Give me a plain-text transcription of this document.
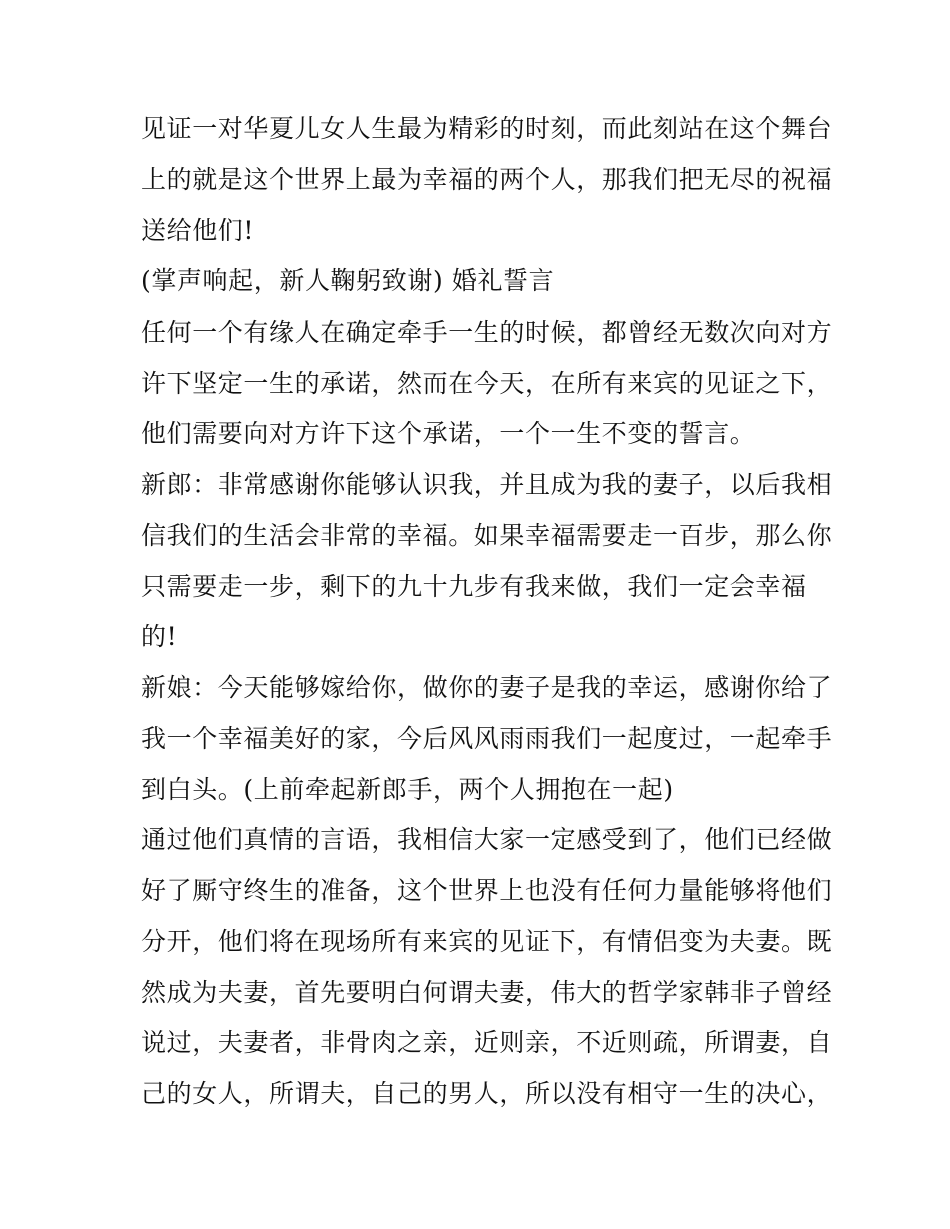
见证一对华夏儿女人生最为精彩的时刻，而此刻站在这个舞台
上的就是这个世界上最为幸福的两个人，那我们把无尽的祝福
送给他们!
(掌声响起，新人鞠躬致谢) 婚礼誓言
任何一个有缘人在确定牵手一生的时候，都曾经无数次向对方
许下坚定一生的承诺，然而在今天，在所有来宾的见证之下，
他们需要向对方许下这个承诺，一个一生不变的誓言。
新郎：非常感谢你能够认识我，并且成为我的妻子，以后我相
信我们的生活会非常的幸福。如果幸福需要走一百步，那么你
只需要走一步，剩下的九十九步有我来做，我们一定会幸福
的!
新娘：今天能够嫁给你，做你的妻子是我的幸运，感谢你给了
我一个幸福美好的家，今后风风雨雨我们一起度过，一起牵手
到白头。(上前牵起新郎手，两个人拥抱在一起)
通过他们真情的言语，我相信大家一定感受到了，他们已经做
好了厮守终生的准备，这个世界上也没有任何力量能够将他们
分开，他们将在现场所有来宾的见证下，有情侣变为夫妻。既
然成为夫妻，首先要明白何谓夫妻，伟大的哲学家韩非子曾经
说过，夫妻者，非骨肉之亲，近则亲，不近则疏，所谓妻，自
己的女人，所谓夫，自己的男人，所以没有相守一生的决心，
